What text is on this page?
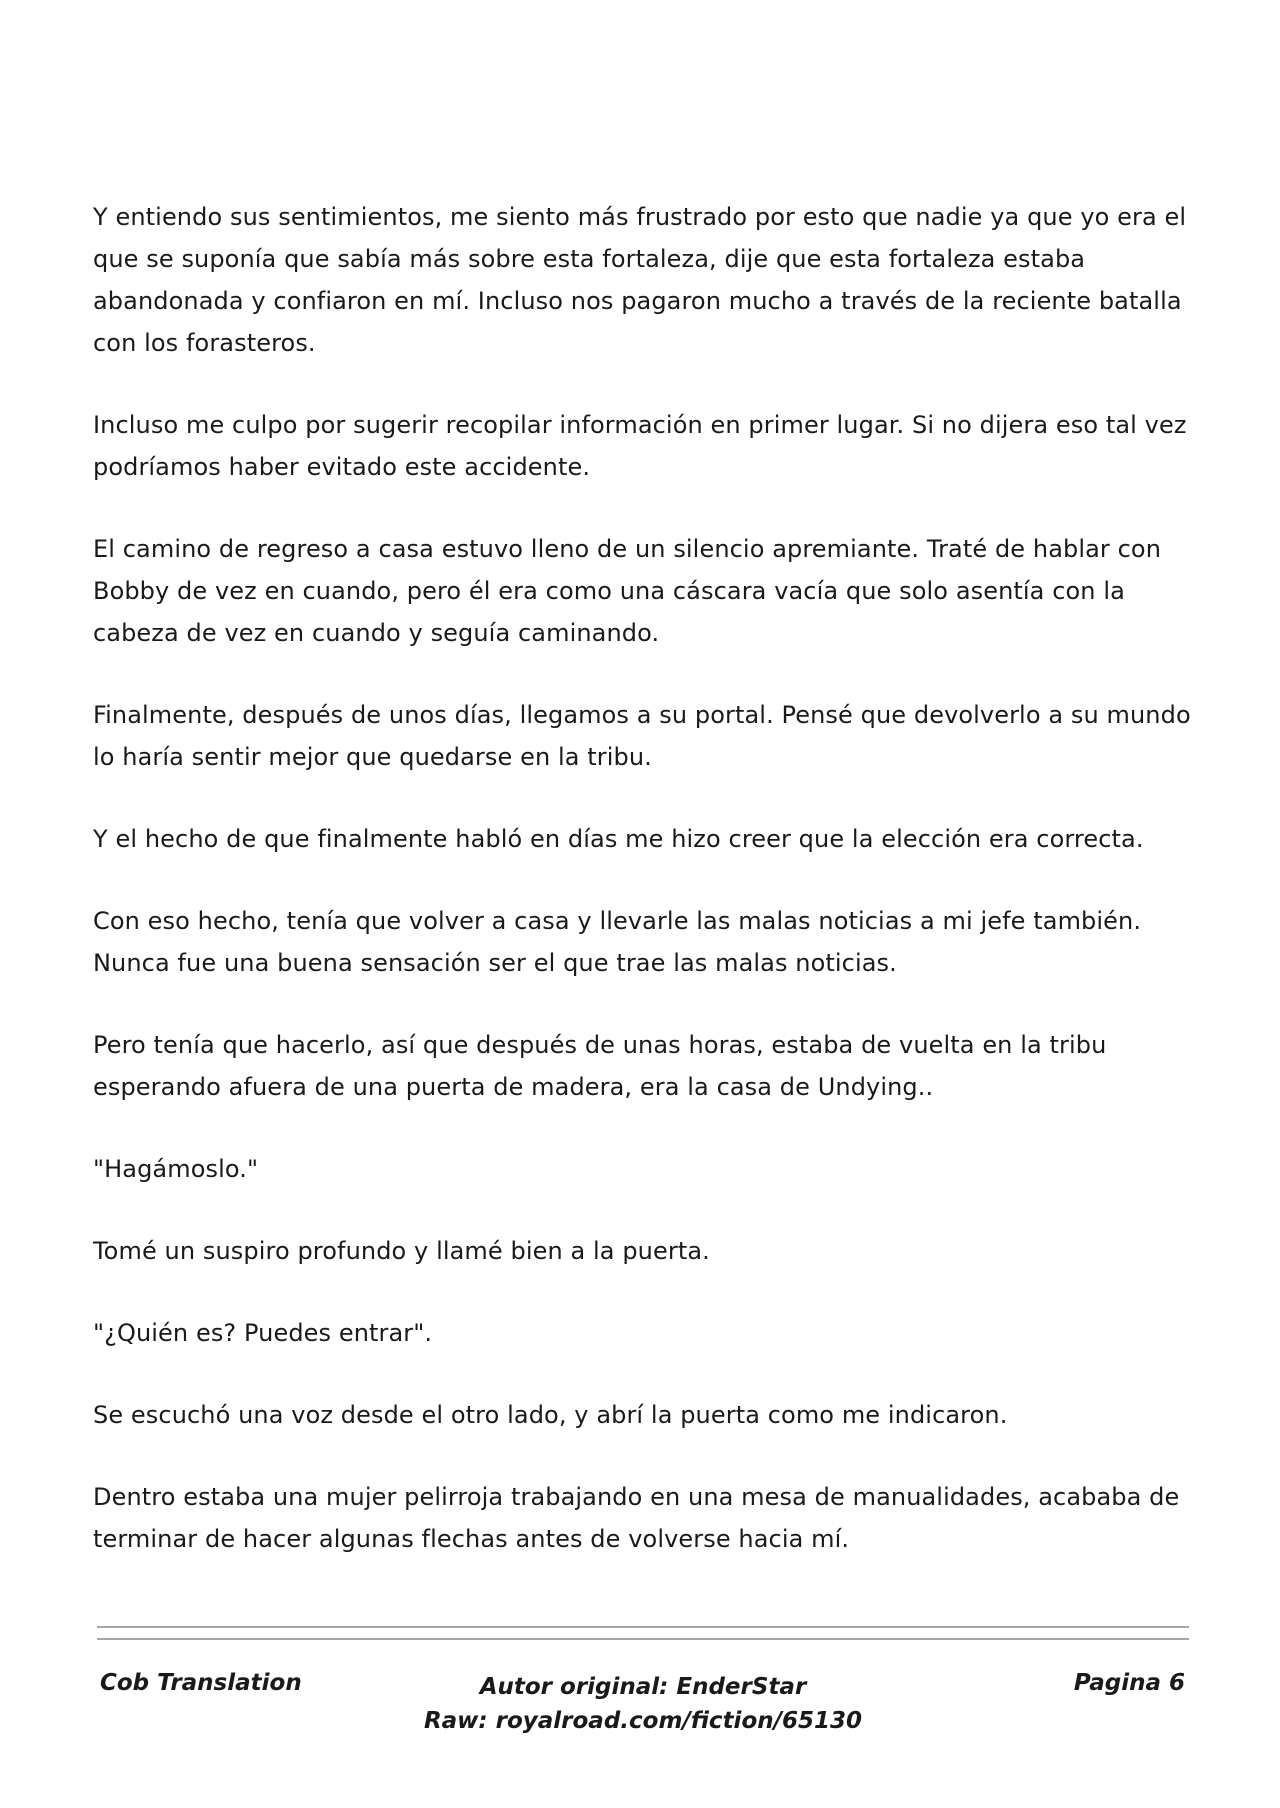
Y entiendo sus sentimientos, me siento más frustrado por esto que nadie ya que yo era el que se suponía que sabía más sobre esta fortaleza, dije que esta fortaleza estaba abandonada y confiaron en mí. Incluso nos pagaron mucho a través de la reciente batalla con los forasteros.

Incluso me culpo por sugerir recopilar información en primer lugar. Si no dijera eso tal vez podríamos haber evitado este accidente.

El camino de regreso a casa estuvo lleno de un silencio apremiante. Traté de hablar con Bobby de vez en cuando, pero él era como una cáscara vacía que solo asentía con la cabeza de vez en cuando y seguía caminando.

Finalmente, después de unos días, llegamos a su portal. Pensé que devolverlo a su mundo lo haría sentir mejor que quedarse en la tribu.

Y el hecho de que finalmente habló en días me hizo creer que la elección era correcta.

Con eso hecho, tenía que volver a casa y llevarle las malas noticias a mi jefe también. Nunca fue una buena sensación ser el que trae las malas noticias.

Pero tenía que hacerlo, así que después de unas horas, estaba de vuelta en la tribu esperando afuera de una puerta de madera, era la casa de Undying..

"Hagámoslo."

Tomé un suspiro profundo y llamé bien a la puerta.

"¿Quién es? Puedes entrar".

Se escuchó una voz desde el otro lado, y abrí la puerta como me indicaron.

Dentro estaba una mujer pelirroja trabajando en una mesa de manualidades, acababa de terminar de hacer algunas flechas antes de volverse hacia mí.

Cob Translation	Autor original: EnderStar
Raw: royalroad.com/fiction/65130
Pagina 6
